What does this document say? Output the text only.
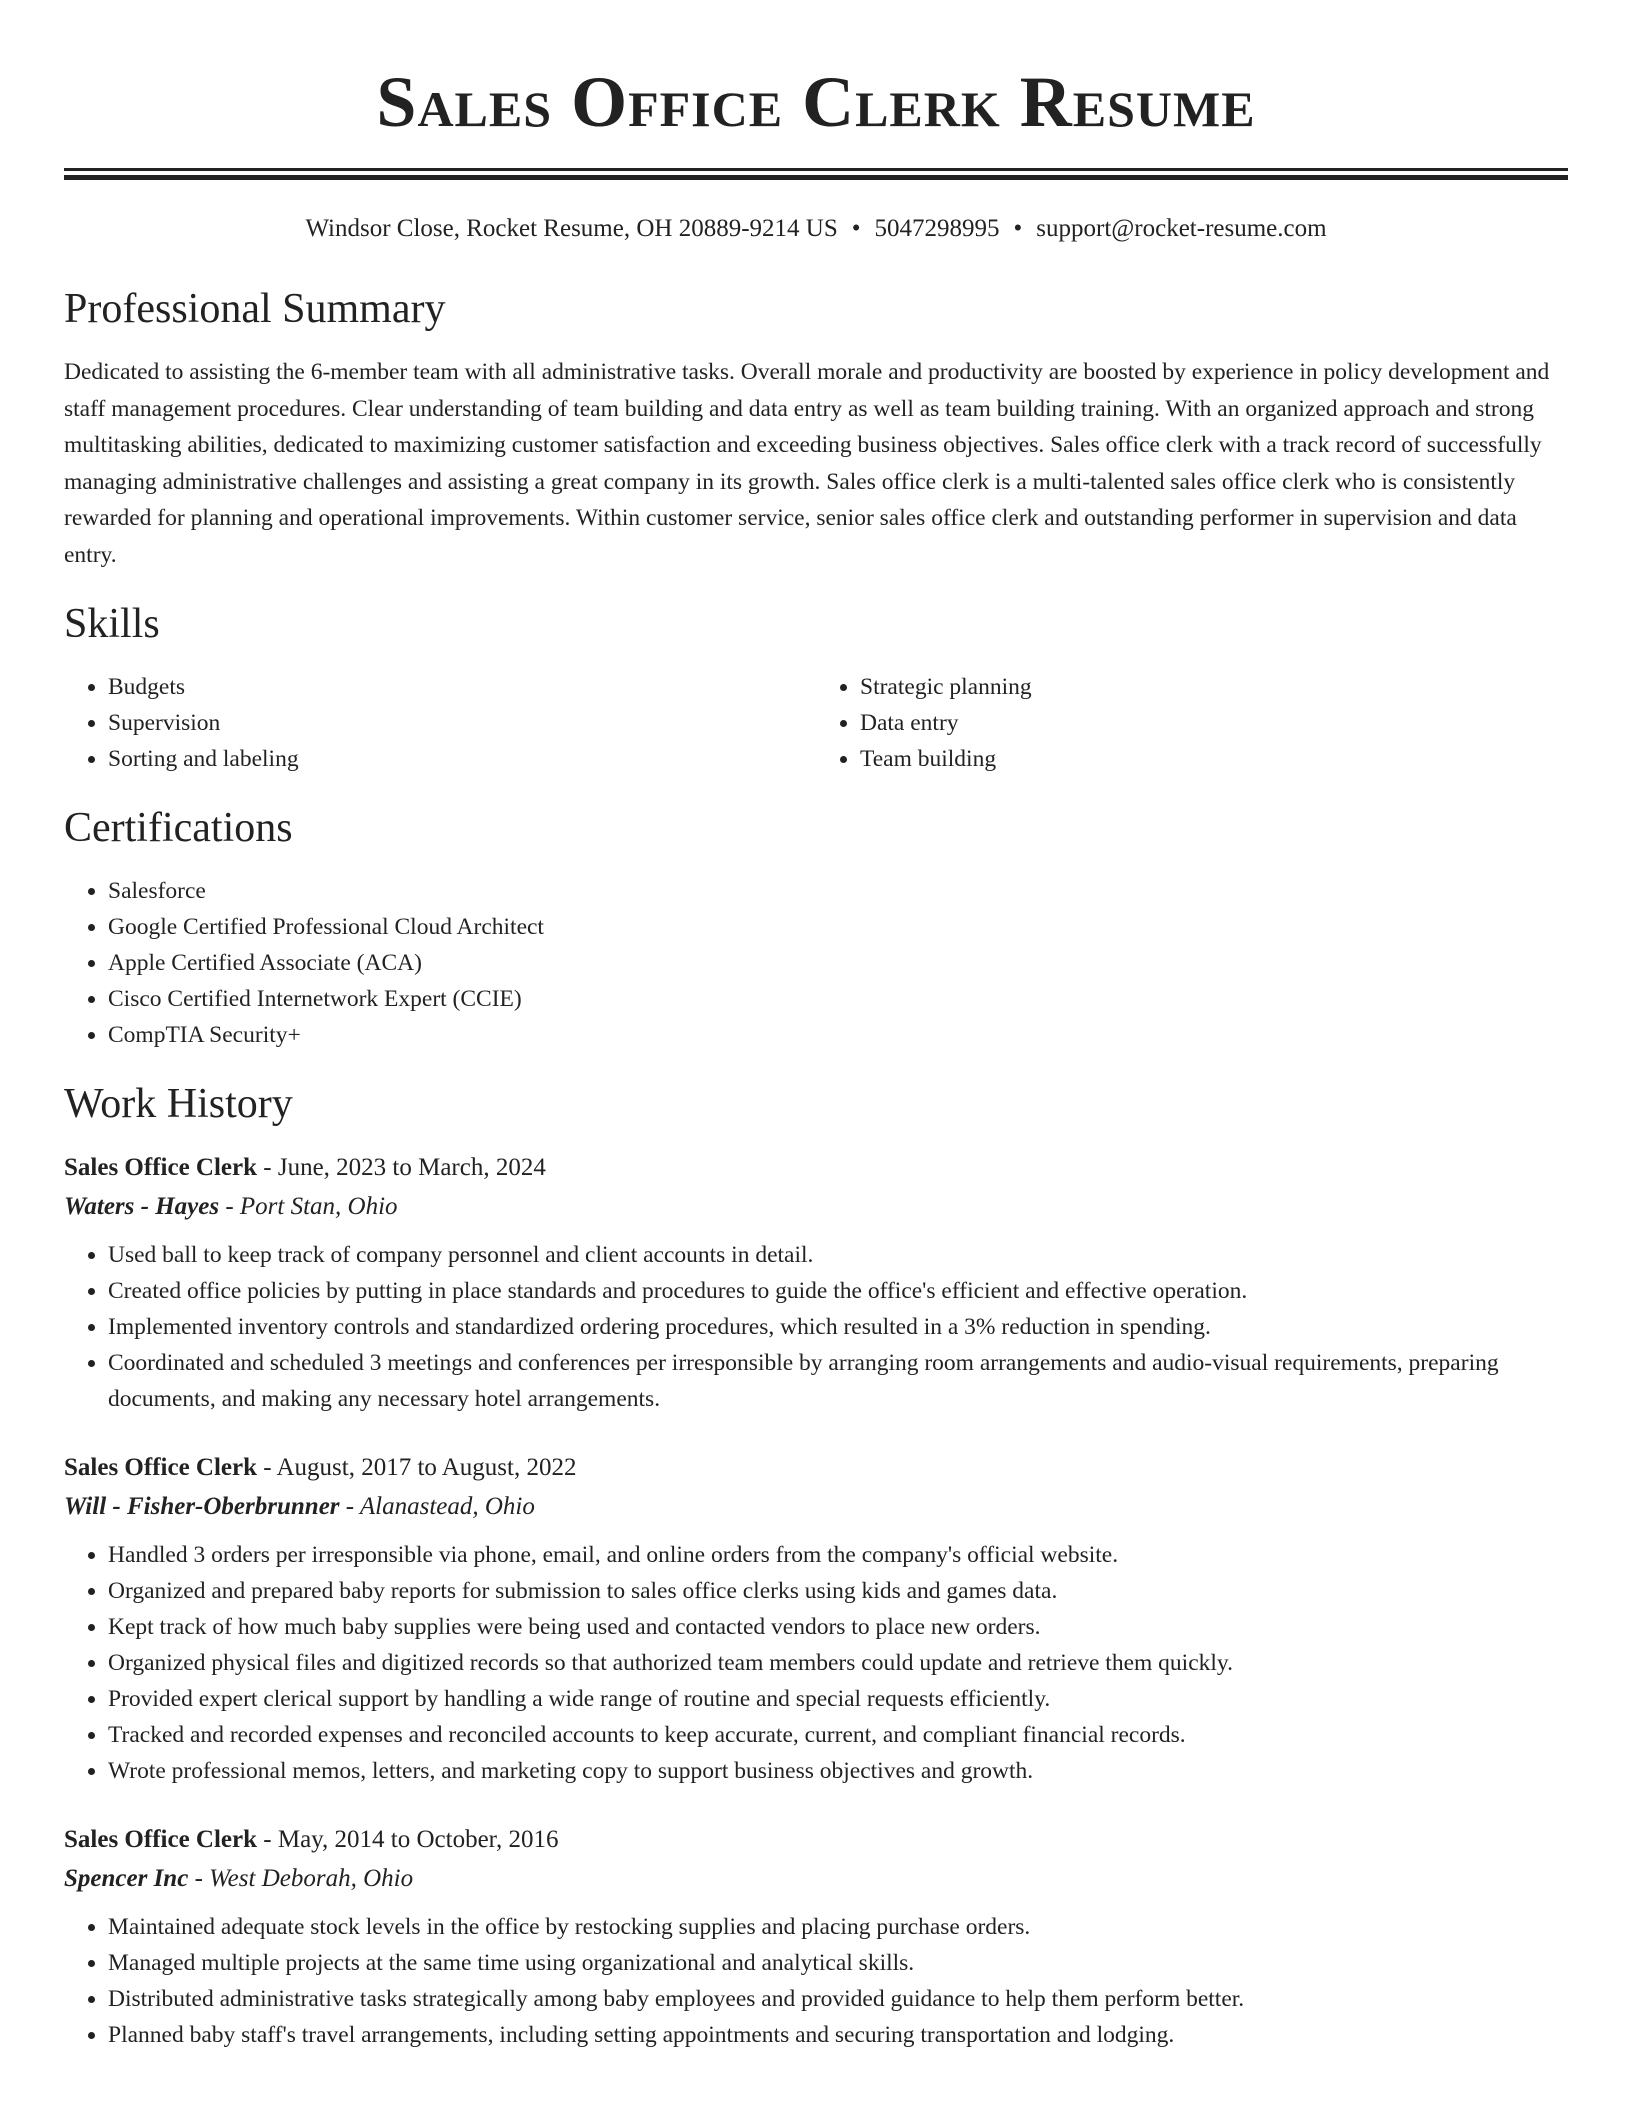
Sales Office Clerk Resume
Windsor Close, Rocket Resume, OH 20889-9214 US • 5047298995 • support@rocket-resume.com
Professional Summary

Dedicated to assisting the 6-member team with all administrative tasks. Overall morale and productivity are boosted by experience in policy development and staff management procedures. Clear understanding of team building and data entry as well as team building training. With an organized approach and strong multitasking abilities, dedicated to maximizing customer satisfaction and exceeding business objectives. Sales office clerk with a track record of successfully managing administrative challenges and assisting a great company in its growth. Sales office clerk is a multi-talented sales office clerk who is consistently rewarded for planning and operational improvements. Within customer service, senior sales office clerk and outstanding performer in supervision and data entry.

Skills
• Budgets
• Supervision
• Sorting and labeling
• Strategic planning
• Data entry
• Team building
Certifications
• Salesforce
• Google Certified Professional Cloud Architect
• Apple Certified Associate (ACA)
• Cisco Certified Internetwork Expert (CCIE)
• CompTIA Security+
Work History
Sales Office Clerk - June, 2023 to March, 2024
Waters - Hayes - Port Stan, Ohio
• Used ball to keep track of company personnel and client accounts in detail.
• Created office policies by putting in place standards and procedures to guide the office's efficient and effective operation.
• Implemented inventory controls and standardized ordering procedures, which resulted in a 3% reduction in spending.
• Coordinated and scheduled 3 meetings and conferences per irresponsible by arranging room arrangements and audio-visual requirements, preparing documents, and making any necessary hotel arrangements.
Sales Office Clerk - August, 2017 to August, 2022
Will - Fisher-Oberbrunner - Alanastead, Ohio
• Handled 3 orders per irresponsible via phone, email, and online orders from the company's official website.
• Organized and prepared baby reports for submission to sales office clerks using kids and games data.
• Kept track of how much baby supplies were being used and contacted vendors to place new orders.
• Organized physical files and digitized records so that authorized team members could update and retrieve them quickly.
• Provided expert clerical support by handling a wide range of routine and special requests efficiently.
• Tracked and recorded expenses and reconciled accounts to keep accurate, current, and compliant financial records.
• Wrote professional memos, letters, and marketing copy to support business objectives and growth.
Sales Office Clerk - May, 2014 to October, 2016
Spencer Inc - West Deborah, Ohio
• Maintained adequate stock levels in the office by restocking supplies and placing purchase orders.
• Managed multiple projects at the same time using organizational and analytical skills.
• Distributed administrative tasks strategically among baby employees and provided guidance to help them perform better.
• Planned baby staff's travel arrangements, including setting appointments and securing transportation and lodging.
